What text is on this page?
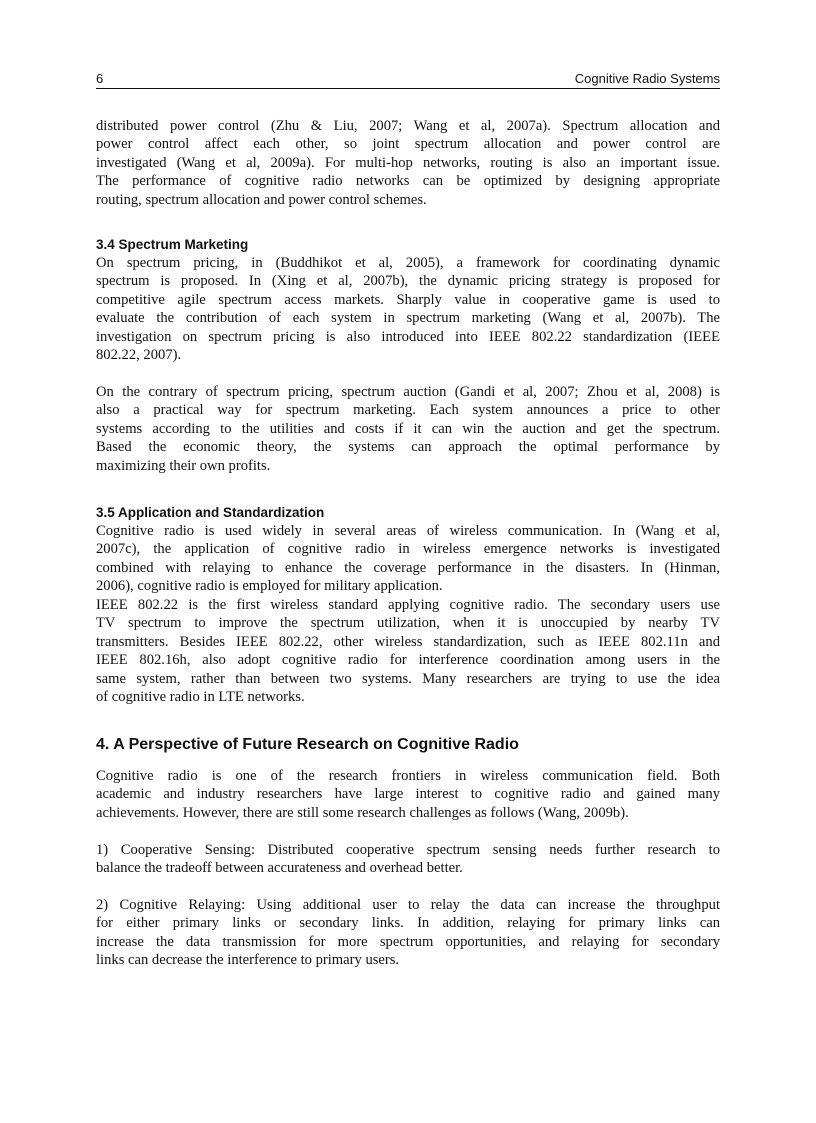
6	Cognitive Radio Systems
distributed power control (Zhu & Liu, 2007; Wang et al, 2007a). Spectrum allocation and
power control affect each other, so joint spectrum allocation and power control are
investigated (Wang et al, 2009a). For multi-hop networks, routing is also an important issue.
The performance of cognitive radio networks can be optimized by designing appropriate
routing, spectrum allocation and power control schemes.
3.4 Spectrum Marketing
On spectrum pricing, in (Buddhikot et al, 2005), a framework for coordinating dynamic
spectrum is proposed. In (Xing et al, 2007b), the dynamic pricing strategy is proposed for
competitive agile spectrum access markets. Sharply value in cooperative game is used to
evaluate the contribution of each system in spectrum marketing (Wang et al, 2007b). The
investigation on spectrum pricing is also introduced into IEEE 802.22 standardization (IEEE
802.22, 2007).
On the contrary of spectrum pricing, spectrum auction (Gandi et al, 2007; Zhou et al, 2008) is
also a practical way for spectrum marketing. Each system announces a price to other
systems according to the utilities and costs if it can win the auction and get the spectrum.
Based the economic theory, the systems can approach the optimal performance by
maximizing their own profits.
3.5 Application and Standardization
Cognitive radio is used widely in several areas of wireless communication. In (Wang et al,
2007c), the application of cognitive radio in wireless emergence networks is investigated
combined with relaying to enhance the coverage performance in the disasters. In (Hinman,
2006), cognitive radio is employed for military application.
IEEE 802.22 is the first wireless standard applying cognitive radio. The secondary users use
TV spectrum to improve the spectrum utilization, when it is unoccupied by nearby TV
transmitters. Besides IEEE 802.22, other wireless standardization, such as IEEE 802.11n and
IEEE 802.16h, also adopt cognitive radio for interference coordination among users in the
same system, rather than between two systems. Many researchers are trying to use the idea
of cognitive radio in LTE networks.
4. A Perspective of Future Research on Cognitive Radio
Cognitive radio is one of the research frontiers in wireless communication field. Both
academic and industry researchers have large interest to cognitive radio and gained many
achievements. However, there are still some research challenges as follows (Wang, 2009b).
1) Cooperative Sensing: Distributed cooperative spectrum sensing needs further research to
balance the tradeoff between accurateness and overhead better.
2) Cognitive Relaying: Using additional user to relay the data can increase the throughput
for either primary links or secondary links. In addition, relaying for primary links can
increase the data transmission for more spectrum opportunities, and relaying for secondary
links can decrease the interference to primary users.
